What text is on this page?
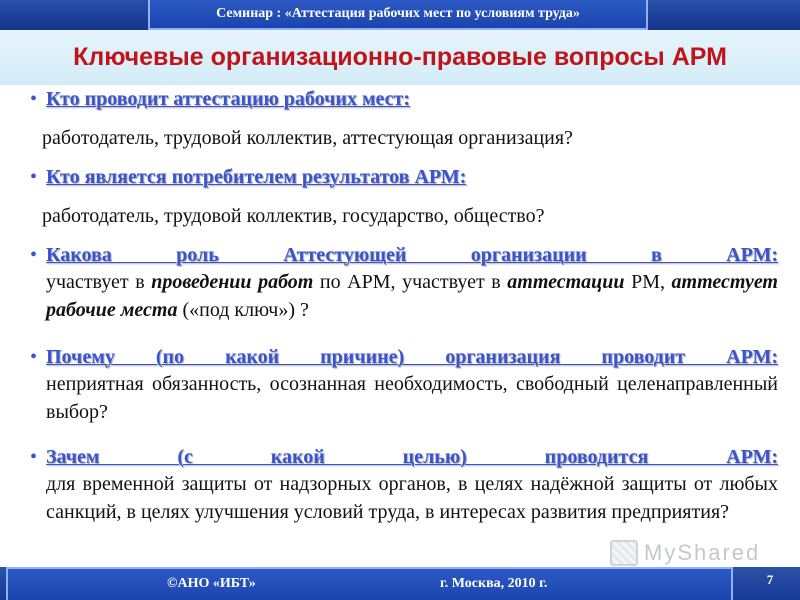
Семинар : «Аттестация рабочих мест по условиям труда»
Ключевые организационно-правовые вопросы АРМ
• Кто проводит аттестацию рабочих мест:
работодатель, трудовой коллектив, аттестующая организация?
• Кто является потребителем результатов АРМ:
работодатель, трудовой коллектив, государство, общество?
• Какова роль Аттестующей организации в АРМ:
участвует в проведении работ по АРМ, участвует в аттестации РМ, аттестует рабочие места («под ключ») ?
• Почему (по какой причине) организация проводит АРМ:
неприятная обязанность, осознанная необходимость, свободный целенаправленный выбор?
• Зачем (с какой целью) проводится АРМ:
для временной защиты от надзорных органов, в целях надёжной защиты от любых санкций, в целях улучшения условий труда, в интересах развития предприятия?
MyShared
©АНО «ИБТ»	г. Москва, 2010 г.	7
